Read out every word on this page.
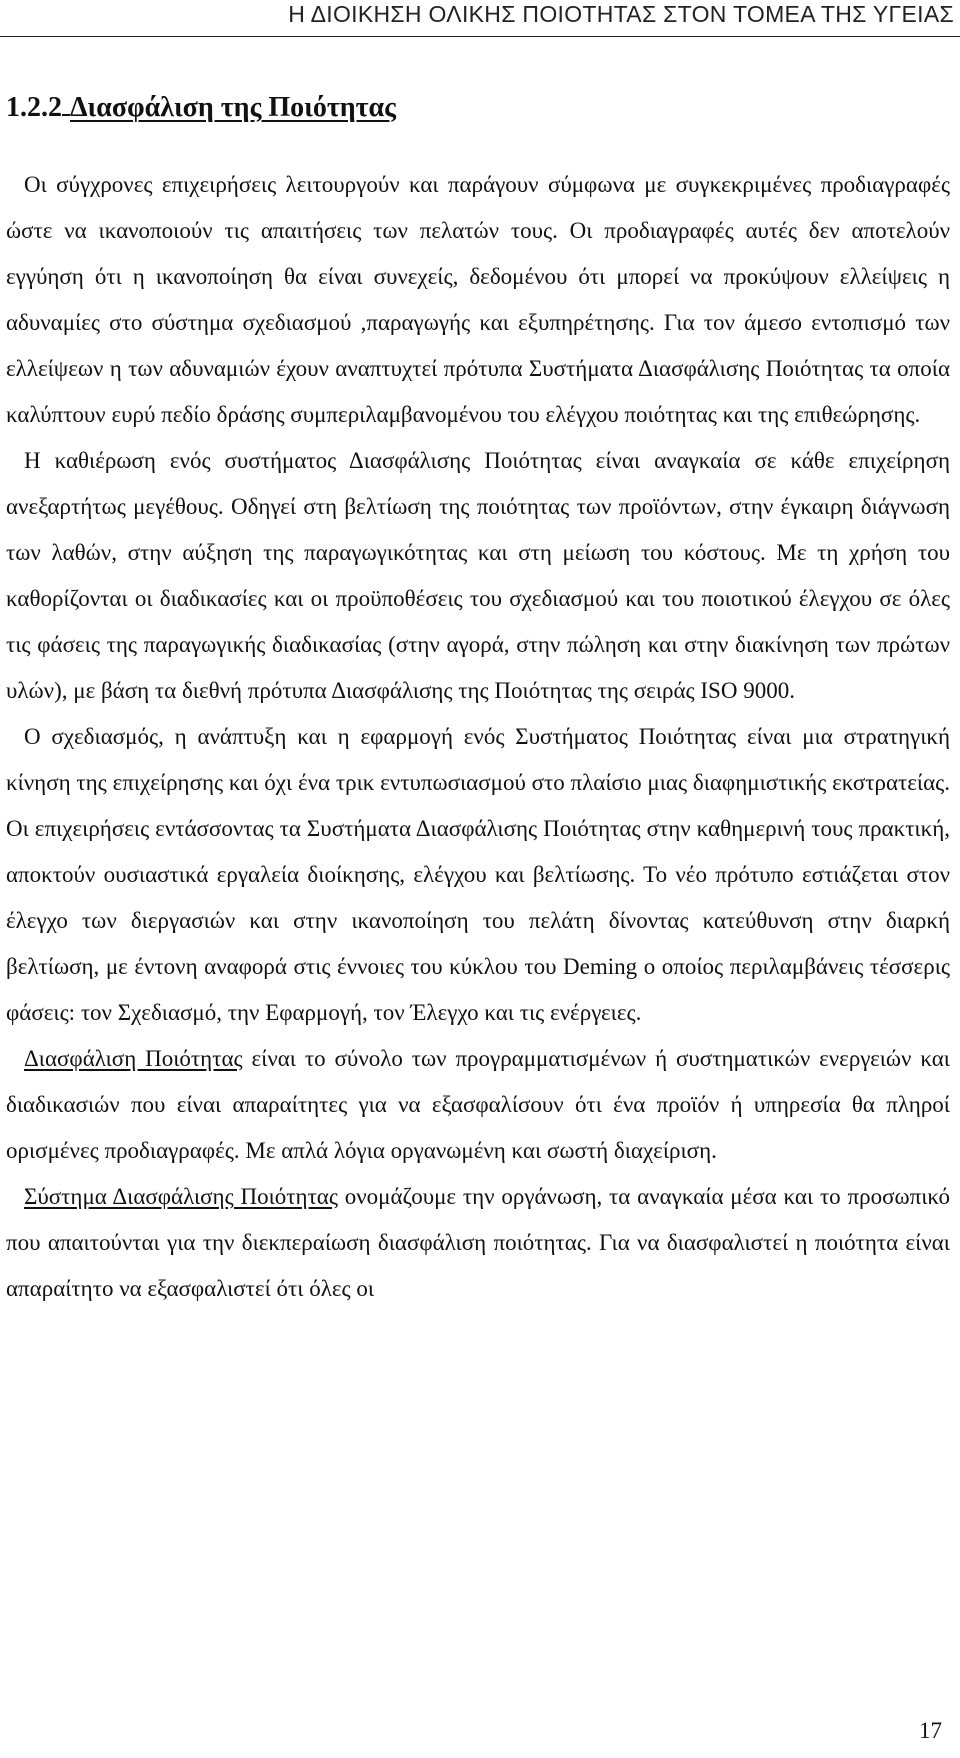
Η ΔΙΟΙΚΗΣΗ ΟΛΙΚΗΣ ΠΟΙΟΤΗΤΑΣ ΣΤΟΝ ΤΟΜΕΑ ΤΗΣ ΥΓΕΙΑΣ
1.2.2 Διασφάλιση της Ποιότητας

Οι σύγχρονες επιχειρήσεις λειτουργούν και παράγουν σύμφωνα με συγκεκριμένες προδιαγραφές ώστε να ικανοποιούν τις απαιτήσεις των πελατών τους. Οι προδιαγραφές αυτές δεν αποτελούν εγγύηση ότι η ικανοποίηση θα είναι συνεχείς, δεδομένου ότι μπορεί να προκύψουν ελλείψεις η αδυναμίες στο σύστημα σχεδιασμού ,παραγωγής και εξυπηρέτησης. Για τον άμεσο εντοπισμό των ελλείψεων η των αδυναμιών έχουν αναπτυχτεί πρότυπα Συστήματα Διασφάλισης Ποιότητας τα οποία καλύπτουν ευρύ πεδίο δράσης συμπεριλαμβανομένου του ελέγχου ποιότητας και της επιθεώρησης.

Η καθιέρωση ενός συστήματος Διασφάλισης Ποιότητας είναι αναγκαία σε κάθε επιχείρηση ανεξαρτήτως μεγέθους. Οδηγεί στη βελτίωση της ποιότητας των προϊόντων, στην έγκαιρη διάγνωση των λαθών, στην αύξηση της παραγωγικότητας και στη μείωση του κόστους. Με τη χρήση του καθορίζονται οι διαδικασίες και οι προϋποθέσεις του σχεδιασμού και του ποιοτικού έλεγχου σε όλες τις φάσεις της παραγωγικής διαδικασίας (στην αγορά, στην πώληση και στην διακίνηση των πρώτων υλών), με βάση τα διεθνή πρότυπα Διασφάλισης της Ποιότητας της σειράς ISO 9000.

Ο σχεδιασμός, η ανάπτυξη και η εφαρμογή ενός Συστήματος Ποιότητας είναι μια στρατηγική κίνηση της επιχείρησης και όχι ένα τρικ εντυπωσιασμού στο πλαίσιο μιας διαφημιστικής εκστρατείας. Οι επιχειρήσεις εντάσσοντας τα Συστήματα Διασφάλισης Ποιότητας στην καθημερινή τους πρακτική, αποκτούν ουσιαστικά εργαλεία διοίκησης, ελέγχου και βελτίωσης. Το νέο πρότυπο εστιάζεται στον έλεγχο των διεργασιών και στην ικανοποίηση του πελάτη δίνοντας κατεύθυνση στην διαρκή βελτίωση, με έντονη αναφορά στις έννοιες του κύκλου του Deming ο οποίος περιλαμβάνεις τέσσερις φάσεις: τον Σχεδιασμό, την Εφαρμογή, τον Έλεγχο και τις ενέργειες.

Διασφάλιση Ποιότητας είναι το σύνολο των προγραμματισμένων ή συστηματικών ενεργειών και διαδικασιών που είναι απαραίτητες για να εξασφαλίσουν ότι ένα προϊόν ή υπηρεσία θα πληροί ορισμένες προδιαγραφές. Με απλά λόγια οργανωμένη και σωστή διαχείριση.

Σύστημα Διασφάλισης Ποιότητας ονομάζουμε την οργάνωση, τα αναγκαία μέσα και το προσωπικό που απαιτούνται για την διεκπεραίωση διασφάλιση ποιότητας. Για να διασφαλιστεί η ποιότητα είναι απαραίτητο να εξασφαλιστεί ότι όλες οι

17
